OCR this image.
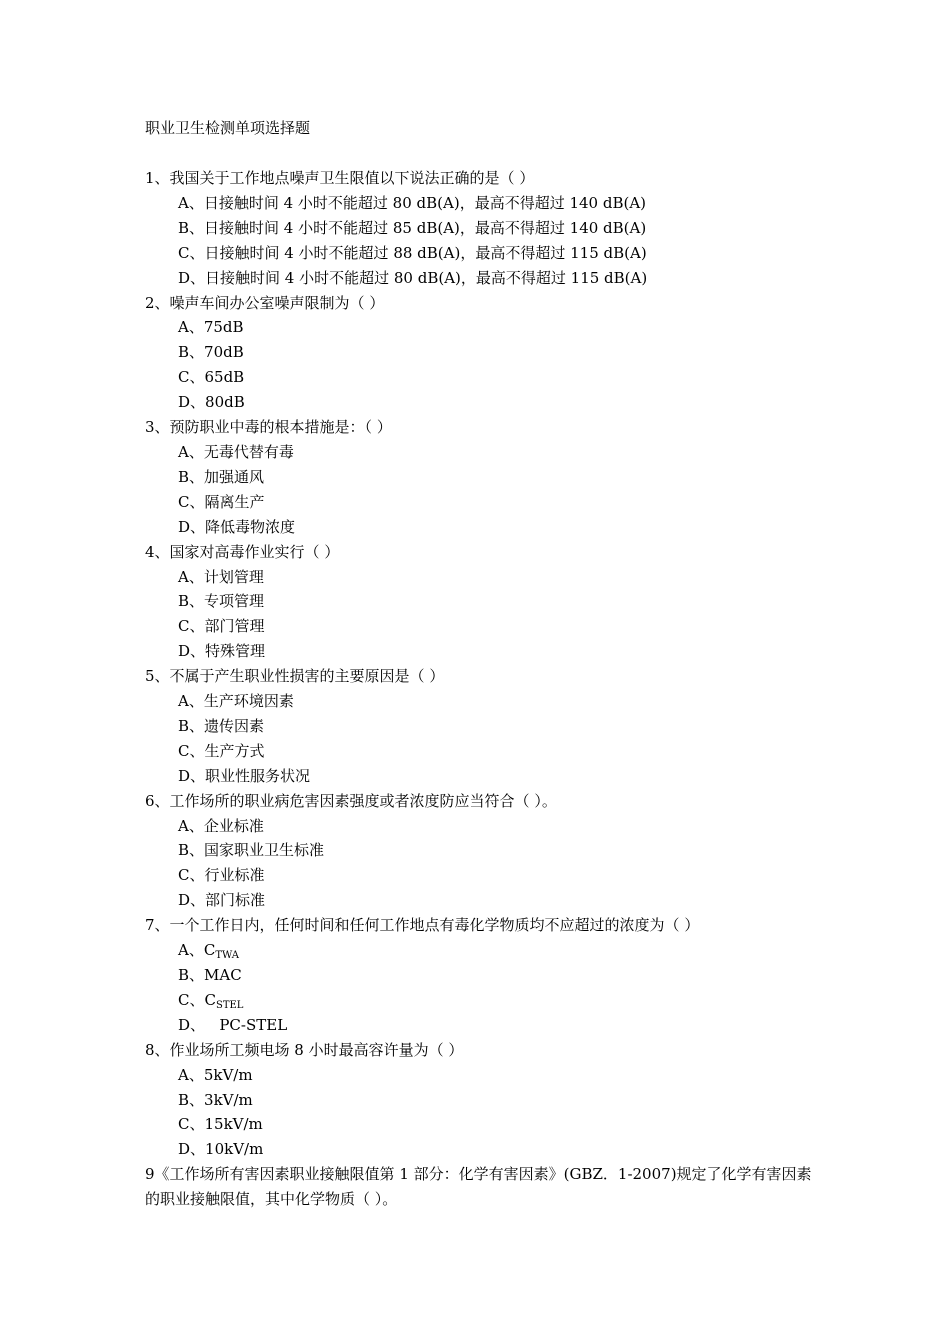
职业卫生检测单项选择题
1、我国关于工作地点噪声卫生限值以下说法正确的是（ ）
A、日接触时间 4 小时不能超过 80 dB(A)，最高不得超过 140 dB(A)
B、日接触时间 4 小时不能超过 85 dB(A)，最高不得超过 140 dB(A)
C、日接触时间 4 小时不能超过 88 dB(A)，最高不得超过 115 dB(A)
D、日接触时间 4 小时不能超过 80 dB(A)，最高不得超过 115 dB(A)
2、噪声车间办公室噪声限制为（ ）
A、75dB
B、70dB
C、65dB
D、80dB
3、预防职业中毒的根本措施是：（ ）
A、无毒代替有毒
B、加强通风
C、隔离生产
D、降低毒物浓度
4、国家对高毒作业实行（ ）
A、计划管理
B、专项管理
C、部门管理
D、特殊管理
5、不属于产生职业性损害的主要原因是（ ）
A、生产环境因素
B、遗传因素
C、生产方式
D、职业性服务状况
6、工作场所的职业病危害因素强度或者浓度防应当符合（ ）。
A、企业标准
B、国家职业卫生标准
C、行业标准
D、部门标准
7、一个工作日内，任何时间和任何工作地点有毒化学物质均不应超过的浓度为（ ）
A、$C_{TWA}$
B、MAC
C、$C_{STEL}$
D、   PC-STEL
8、作业场所工频电场 8 小时最高容许量为（ ）
A、5kV/m
B、3kV/m
C、15kV/m
D、10kV/m
9《工作场所有害因素职业接触限值第 1 部分：化学有害因素》(GBZ．1-2007)规定了化学有害因素的职业接触限值，其中化学物质（ ）。
